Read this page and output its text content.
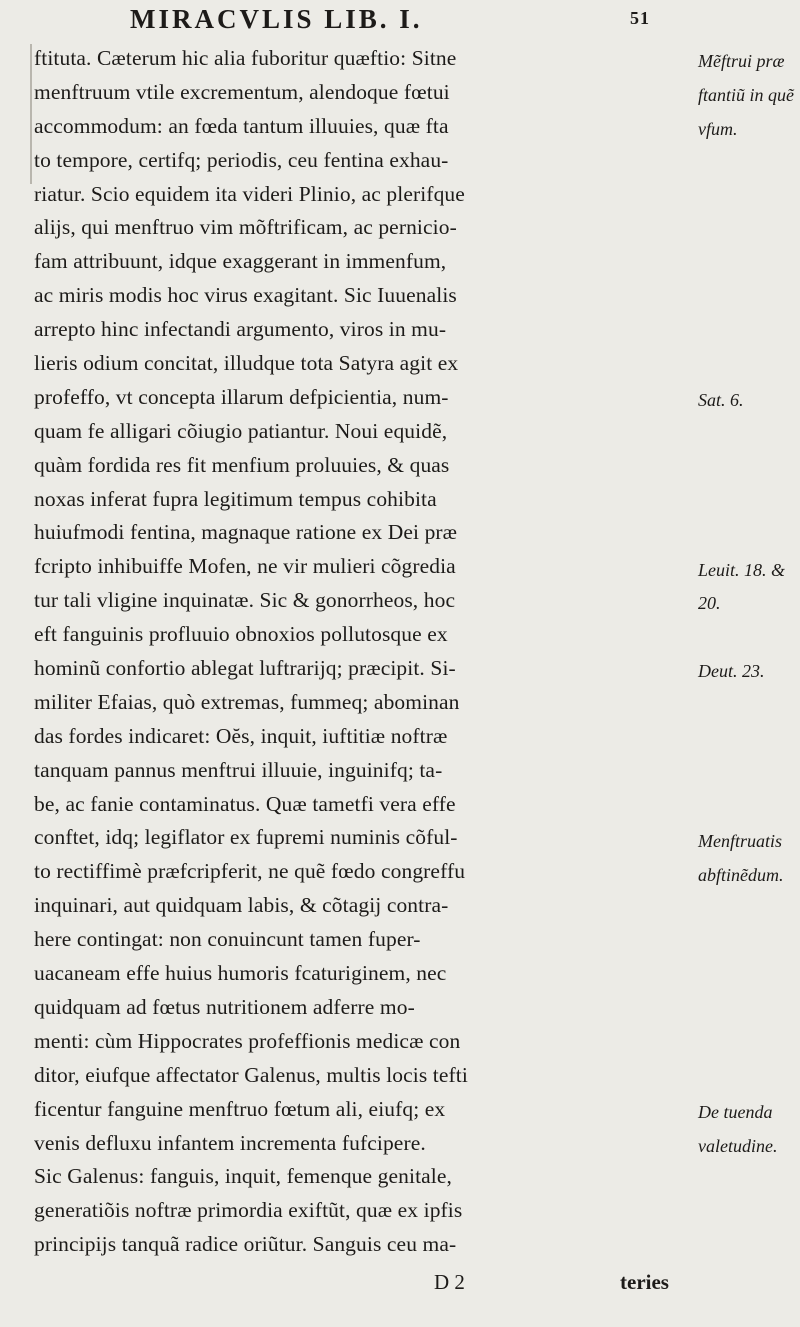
MIRACVLIS LIB. I.	51
ftituta. Cæterum hic alia fuboritur quæftio: Sitne
menftruum vtile excrementum, alendoque fœtui
accommodum: an fœda tantum illuuies, quæ fta
to tempore, certifq; periodis, ceu fentina exhau-
riatur. Scio equidem ita videri Plinio, ac plerifque
alijs, qui menftruo vim mõftrificam, ac pernicio-
fam attribuunt, idque exaggerant in immenfum,
ac miris modis hoc virus exagitant. Sic Iuuenalis
arrepto hinc infectandi argumento, viros in mu-
lieris odium concitat, illudque tota Satyra agit ex
profeffo, vt concepta illarum defpicientia, num-
quam fe alligari cõiugio patiantur. Noui equidẽ,
quàm fordida res fit menfium proluuies, & quas
noxas inferat fupra legitimum tempus cohibita
huiufmodi fentina, magnaque ratione ex Dei præ
fcripto inhibuiffe Mofen, ne vir mulieri cõgredia
tur tali vligine inquinatæ. Sic & gonorrheos, hoc
eft fanguinis profluuio obnoxios pollutosque ex
hominũ confortio ablegat luftrarijq; præcipit. Si-
militer Efaias, quò extremas, fummeq; abominan
das fordes indicaret: Oĕs, inquit, iuftitiæ noftræ
tanquam pannus menftrui illuuie, inguinifq; ta-
be, ac fanie contaminatus. Quæ tametfi vera effe
conftet, idq; legiflator ex fupremi numinis cõful-
to rectiffimè præfcripferit, ne quẽ fœdo congreffu
inquinari, aut quidquam labis, & cõtagij contra-
here contingat: non conuincunt tamen fuper-
uacaneam effe huius humoris fcaturiginem, nec
quidquam ad fœtus nutritionem adferre mo-
menti: cùm Hippocrates profeffionis medicæ con
ditor, eiufque affectator Galenus, multis locis tefti
ficentur fanguine menftruo fœtum ali, eiufq; ex
venis defluxu infantem incrementa fufcipere.
Sic Galenus: fanguis, inquit, femenque genitale,
generatiõis noftræ primordia exiftũt, quæ ex ipfis
principijs tanquã radice oriũtur. Sanguis ceu ma-
Mẽftrui præ
ftantiũ in quẽ
vfum.
Sat. 6.
Leuit. 18. &
20.
Deut. 23.
Menftruatis
abftinẽdum.
De tuenda
valetudine.
D 2	teries
